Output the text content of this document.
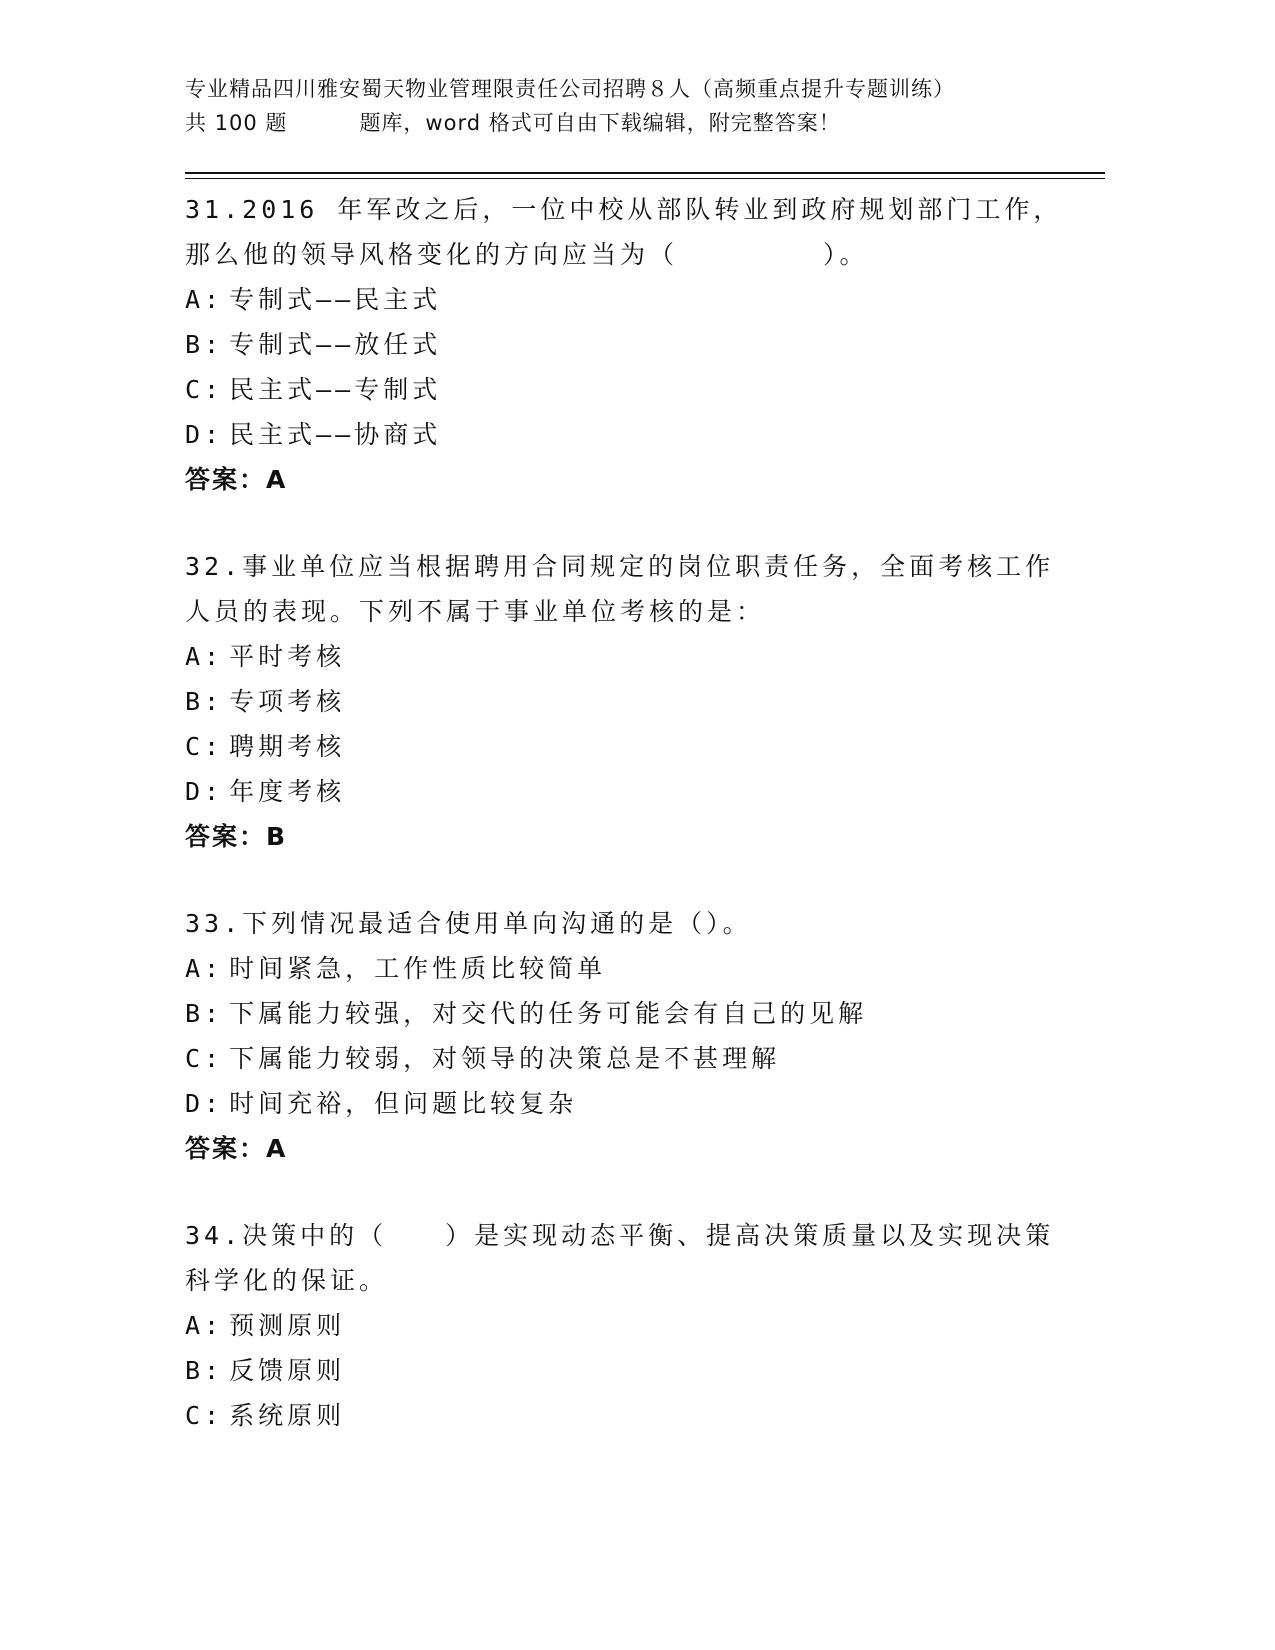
专业精品四川雅安蜀天物业管理限责任公司招聘８人（高频重点提升专题训练）
共 100 题	题库，word 格式可自由下载编辑，附完整答案！
31.2016 年军改之后，一位中校从部队转业到政府规划部门工作，那么他的领导风格变化的方向应当为（　　　　　）。
A: 专制式——民主式
B: 专制式——放任式
C: 民主式——专制式
D: 民主式——协商式
答案：A
32.事业单位应当根据聘用合同规定的岗位职责任务，全面考核工作人员的表现。下列不属于事业单位考核的是：
A: 平时考核
B: 专项考核
C: 聘期考核
D: 年度考核
答案：B
33.下列情况最适合使用单向沟通的是（）。
A: 时间紧急，工作性质比较简单
B: 下属能力较强，对交代的任务可能会有自己的见解
C: 下属能力较弱，对领导的决策总是不甚理解
D: 时间充裕，但问题比较复杂
答案：A
34.决策中的（　　）是实现动态平衡、提高决策质量以及实现决策科学化的保证。
A: 预测原则
B: 反馈原则
C: 系统原则
